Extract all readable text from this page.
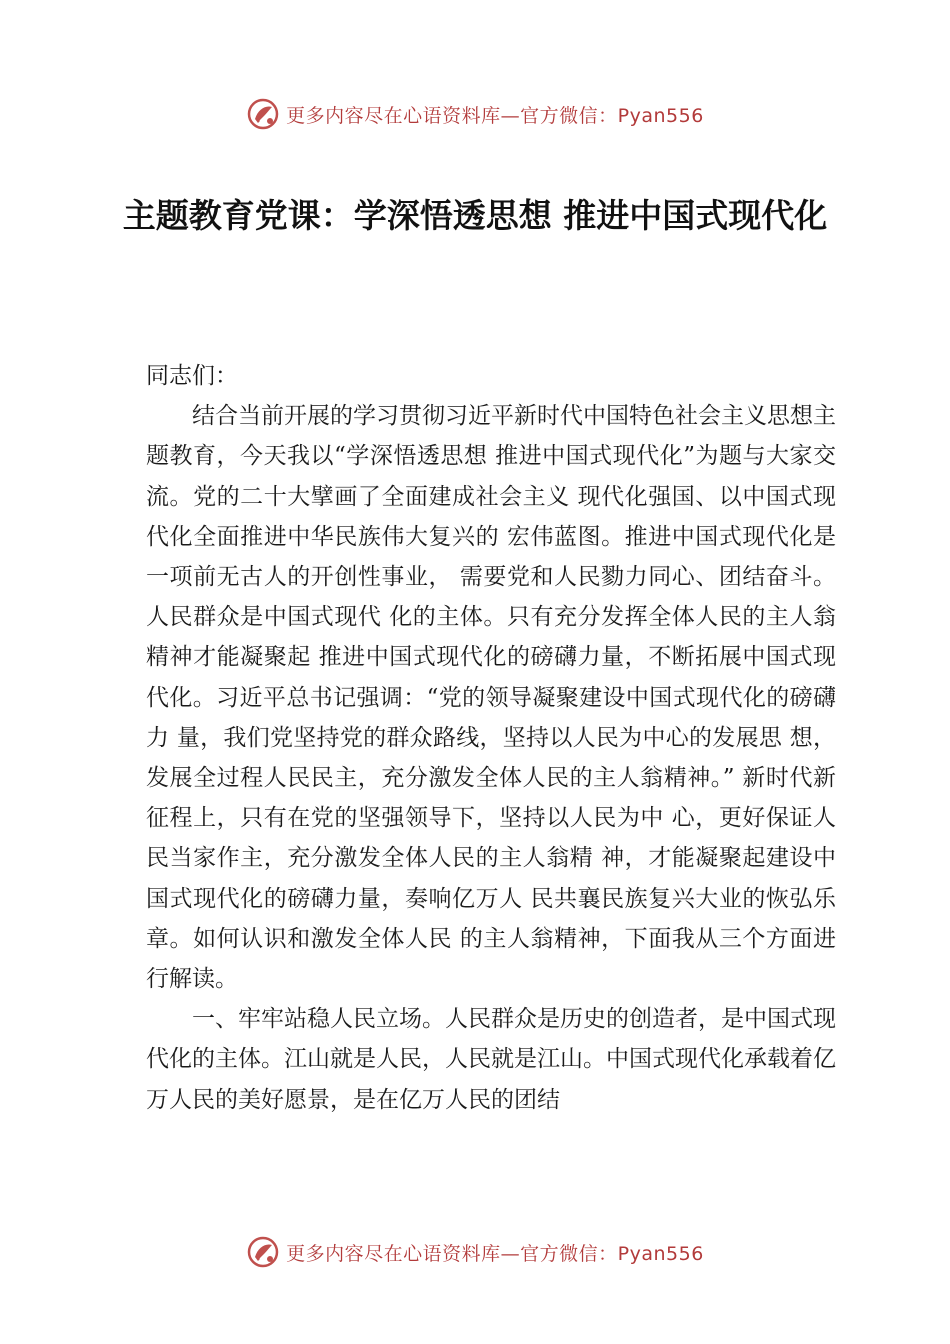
更多内容尽在心语资料库—官方微信：Pyan556
主题教育党课：学深悟透思想 推进中国式现代化

同志们：

结合当前开展的学习贯彻习近平新时代中国特色社会主义思想主题教育，今天我以“学深悟透思想 推进中国式现代化”为题与大家交流。党的二十大擘画了全面建成社会主义 现代化强国、以中国式现代化全面推进中华民族伟大复兴的 宏伟蓝图。推进中国式现代化是一项前无古人的开创性事业， 需要党和人民勠力同心、团结奋斗。人民群众是中国式现代 化的主体。只有充分发挥全体人民的主人翁精神才能凝聚起 推进中国式现代化的磅礴力量，不断拓展中国式现代化。习近平总书记强调：“党的领导凝聚建设中国式现代化的磅礴力 量，我们党坚持党的群众路线，坚持以人民为中心的发展思 想，发展全过程人民民主，充分激发全体人民的主人翁精神。” 新时代新征程上，只有在党的坚强领导下，坚持以人民为中 心，更好保证人民当家作主，充分激发全体人民的主人翁精 神，才能凝聚起建设中国式现代化的磅礴力量，奏响亿万人 民共襄民族复兴大业的恢弘乐章。如何认识和激发全体人民 的主人翁精神，下面我从三个方面进行解读。

一、牢牢站稳人民立场。人民群众是历史的创造者，是中国式现代化的主体。江山就是人民，人民就是江山。中国式现代化承载着亿万人民的美好愿景，是在亿万人民的团结

更多内容尽在心语资料库—官方微信：Pyan556
